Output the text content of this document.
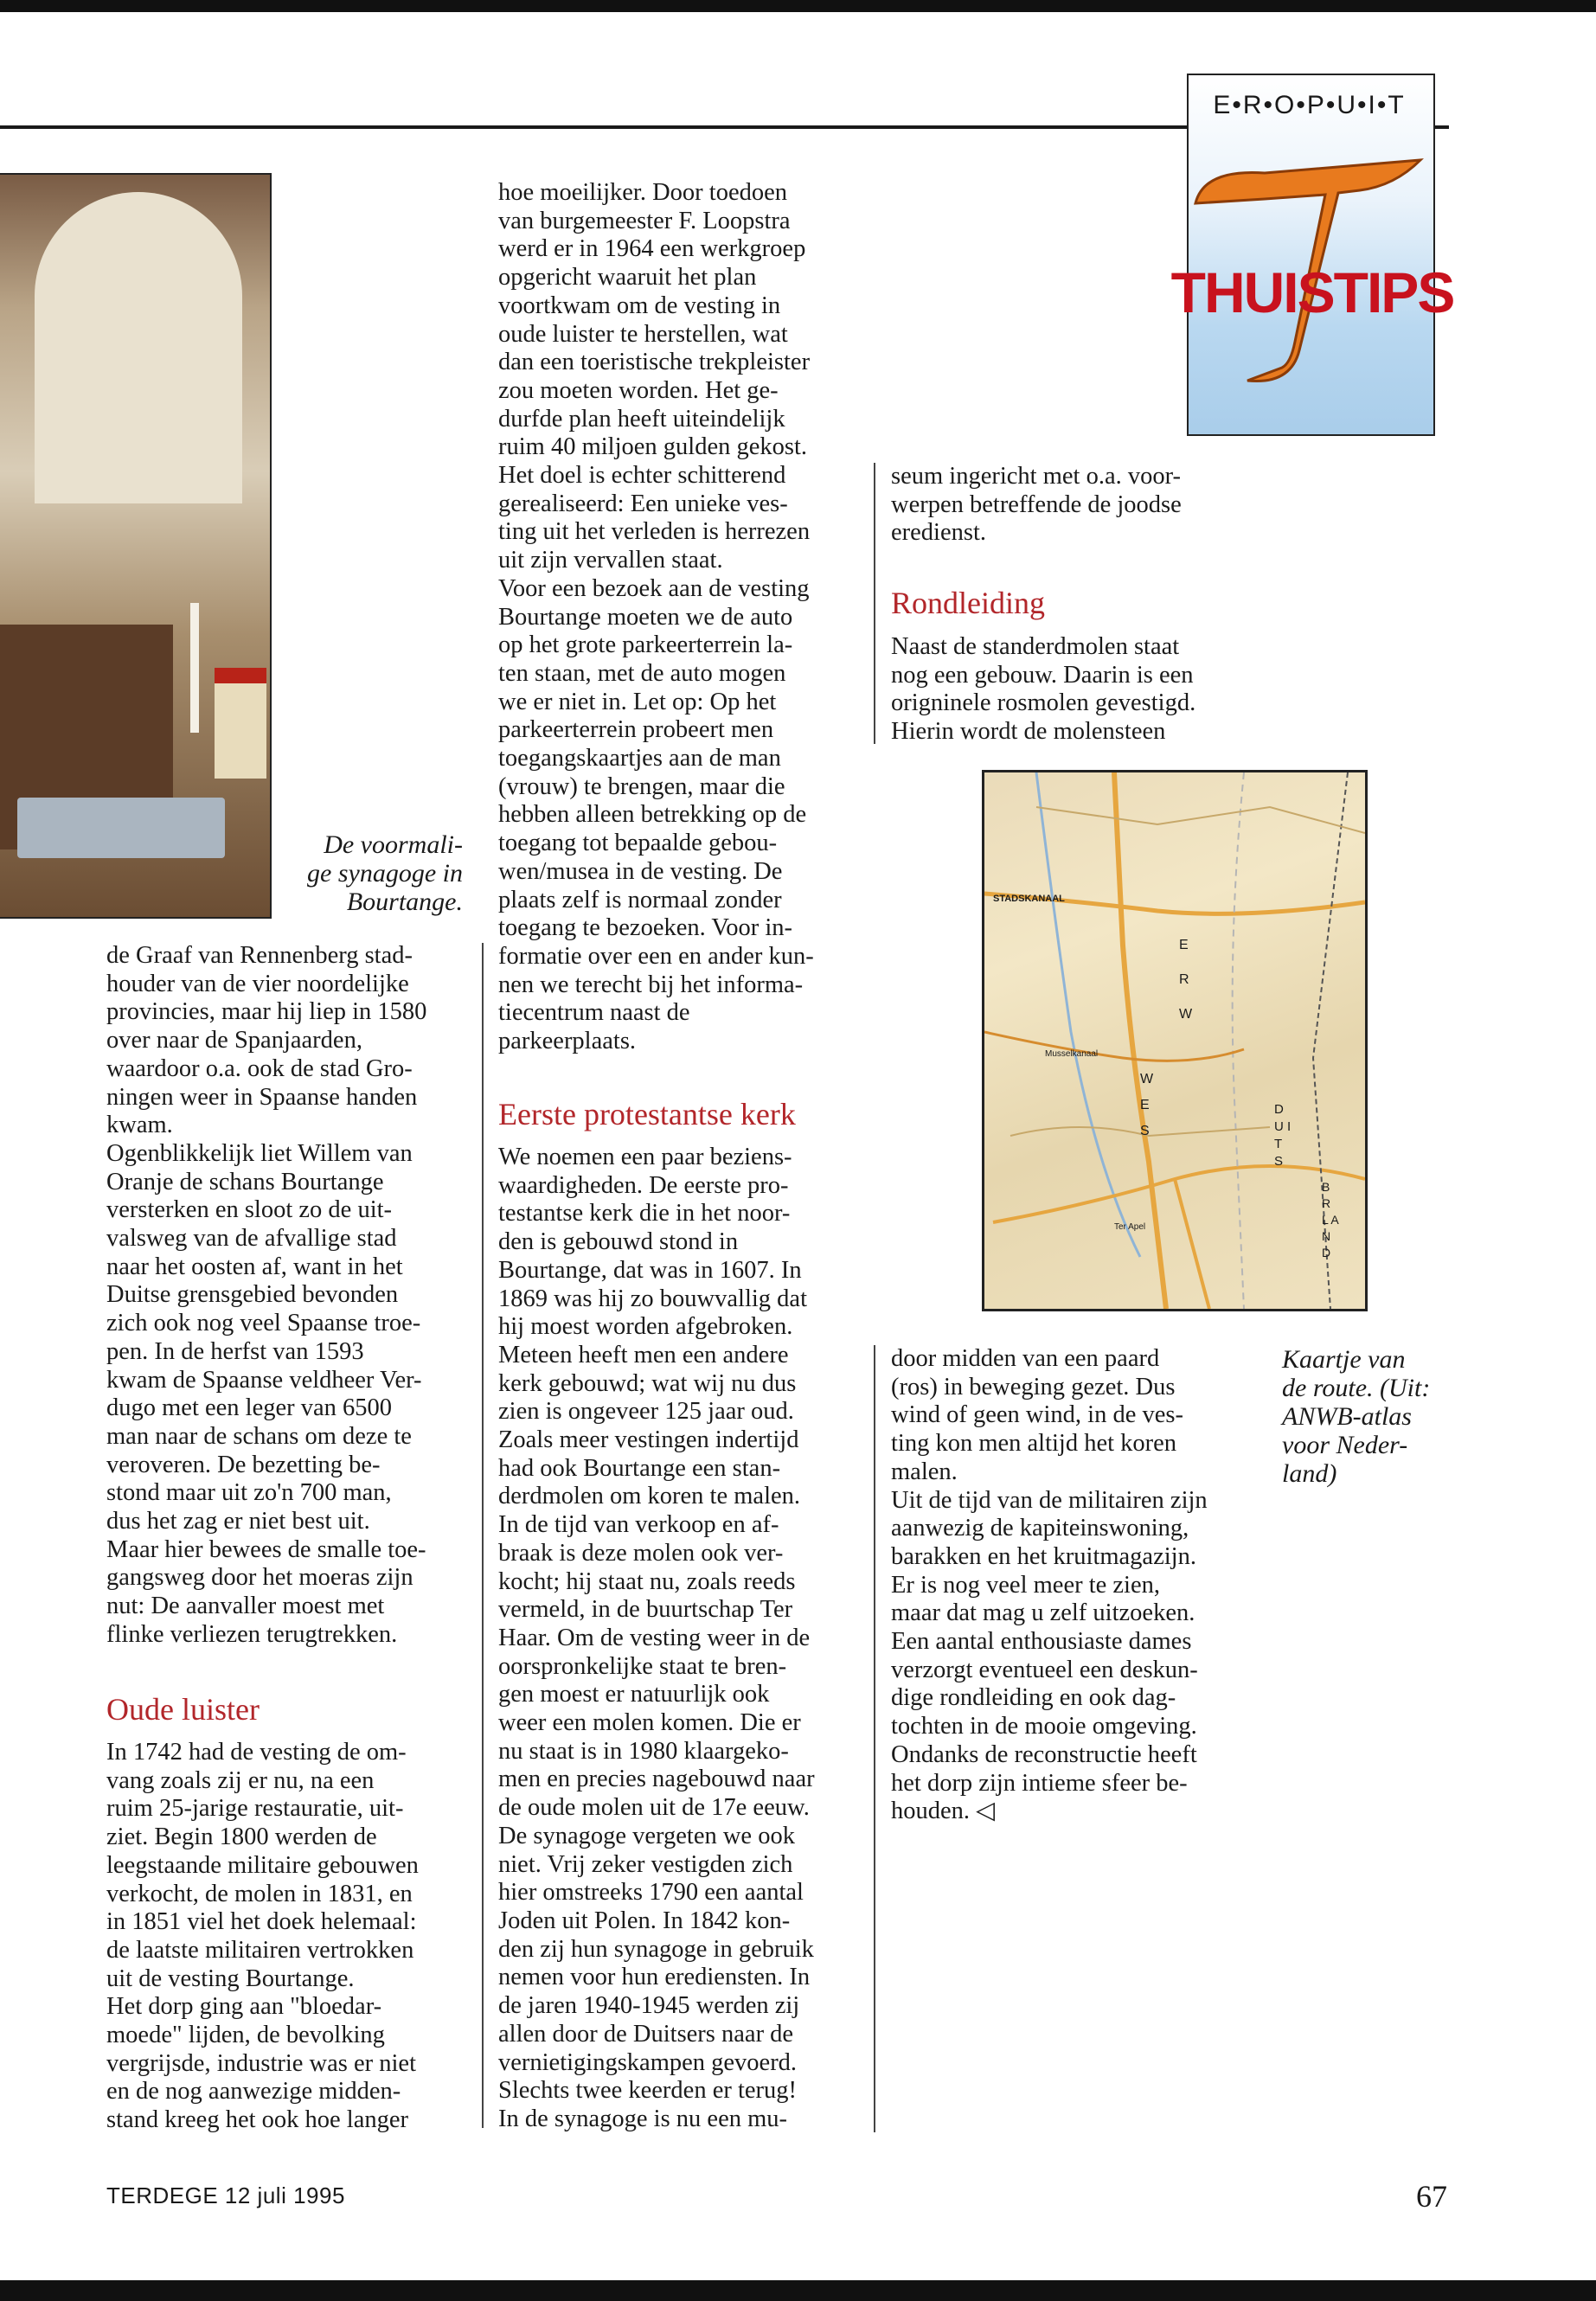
E•R•O•P•U•I•T
THUISTIPS
De voormali-
ge synagoge in
Bourtange.
de Graaf van Rennenberg stad-
houder van de vier noordelijke
provincies, maar hij liep in 1580
over naar de Spanjaarden,
waardoor o.a. ook de stad Gro-
ningen weer in Spaanse handen
kwam.
Ogenblikkelijk liet Willem van
Oranje de schans Bourtange
versterken en sloot zo de uit-
valsweg van de afvallige stad
naar het oosten af, want in het
Duitse grensgebied bevonden
zich ook nog veel Spaanse troe-
pen. In de herfst van 1593
kwam de Spaanse veldheer Ver-
dugo met een leger van 6500
man naar de schans om deze te
veroveren. De bezetting be-
stond maar uit zo'n 700 man,
dus het zag er niet best uit.
Maar hier bewees de smalle toe-
gangsweg door het moeras zijn
nut: De aanvaller moest met
flinke verliezen terugtrekken.
Oude luister
In 1742 had de vesting de om-
vang zoals zij er nu, na een
ruim 25-jarige restauratie, uit-
ziet. Begin 1800 werden de
leegstaande militaire gebouwen
verkocht, de molen in 1831, en
in 1851 viel het doek helemaal:
de laatste militairen vertrokken
uit de vesting Bourtange.
Het dorp ging aan "bloedar-
moede" lijden, de bevolking
vergrijsde, industrie was er niet
en de nog aanwezige midden-
stand kreeg het ook hoe langer
hoe moeilijker. Door toedoen
van burgemeester F. Loopstra
werd er in 1964 een werkgroep
opgericht waaruit het plan
voortkwam om de vesting in
oude luister te herstellen, wat
dan een toeristische trekpleister
zou moeten worden. Het ge-
durfde plan heeft uiteindelijk
ruim 40 miljoen gulden gekost.
Het doel is echter schitterend
gerealiseerd: Een unieke ves-
ting uit het verleden is herrezen
uit zijn vervallen staat.
Voor een bezoek aan de vesting
Bourtange moeten we de auto
op het grote parkeerterrein la-
ten staan, met de auto mogen
we er niet in. Let op: Op het
parkeerterrein probeert men
toegangskaartjes aan de man
(vrouw) te brengen, maar die
hebben alleen betrekking op de
toegang tot bepaalde gebou-
wen/musea in de vesting. De
plaats zelf is normaal zonder
toegang te bezoeken. Voor in-
formatie over een en ander kun-
nen we terecht bij het informa-
tiecentrum naast de
parkeerplaats.
Eerste protestantse kerk
We noemen een paar beziens-
waardigheden. De eerste pro-
testantse kerk die in het noor-
den is gebouwd stond in
Bourtange, dat was in 1607. In
1869 was hij zo bouwvallig dat
hij moest worden afgebroken.
Meteen heeft men een andere
kerk gebouwd; wat wij nu dus
zien is ongeveer 125 jaar oud.
Zoals meer vestingen indertijd
had ook Bourtange een stan-
derdmolen om koren te malen.
In de tijd van verkoop en af-
braak is deze molen ook ver-
kocht; hij staat nu, zoals reeds
vermeld, in de buurtschap Ter
Haar. Om de vesting weer in de
oorspronkelijke staat te bren-
gen moest er natuurlijk ook
weer een molen komen. Die er
nu staat is in 1980 klaargeko-
men en precies nagebouwd naar
de oude molen uit de 17e eeuw.
De synagoge vergeten we ook
niet. Vrij zeker vestigden zich
hier omstreeks 1790 een aantal
Joden uit Polen. In 1842 kon-
den zij hun synagoge in gebruik
nemen voor hun erediensten. In
de jaren 1940-1945 werden zij
allen door de Duitsers naar de
vernietigingskampen gevoerd.
Slechts twee keerden er terug!
In de synagoge is nu een mu-
seum ingericht met o.a. voor-
werpen betreffende de joodse
eredienst.
Rondleiding
Naast de standerdmolen staat
nog een gebouw. Daarin is een
origninele rosmolen gevestigd.
Hierin wordt de molensteen
door midden van een paard
(ros) in beweging gezet. Dus
wind of geen wind, in de ves-
ting kon men altijd het koren
malen.
Uit de tijd van de militairen zijn
aanwezig de kapiteinswoning,
barakken en het kruitmagazijn.
Er is nog veel meer te zien,
maar dat mag u zelf uitzoeken.
Een aantal enthousiaste dames
verzorgt eventueel een deskun-
dige rondleiding en ook dag-
tochten in de mooie omgeving.
Ondanks de reconstructie heeft
het dorp zijn intieme sfeer be-
houden. ◁
STADSKANAAL
Musselkanaal
Ter Apel
W E S
E R W
D U I T S
B R
L A N D
Kaartje van
de route. (Uit:
ANWB-atlas
voor Neder-
land)
TERDEGE 12 juli 1995	67
